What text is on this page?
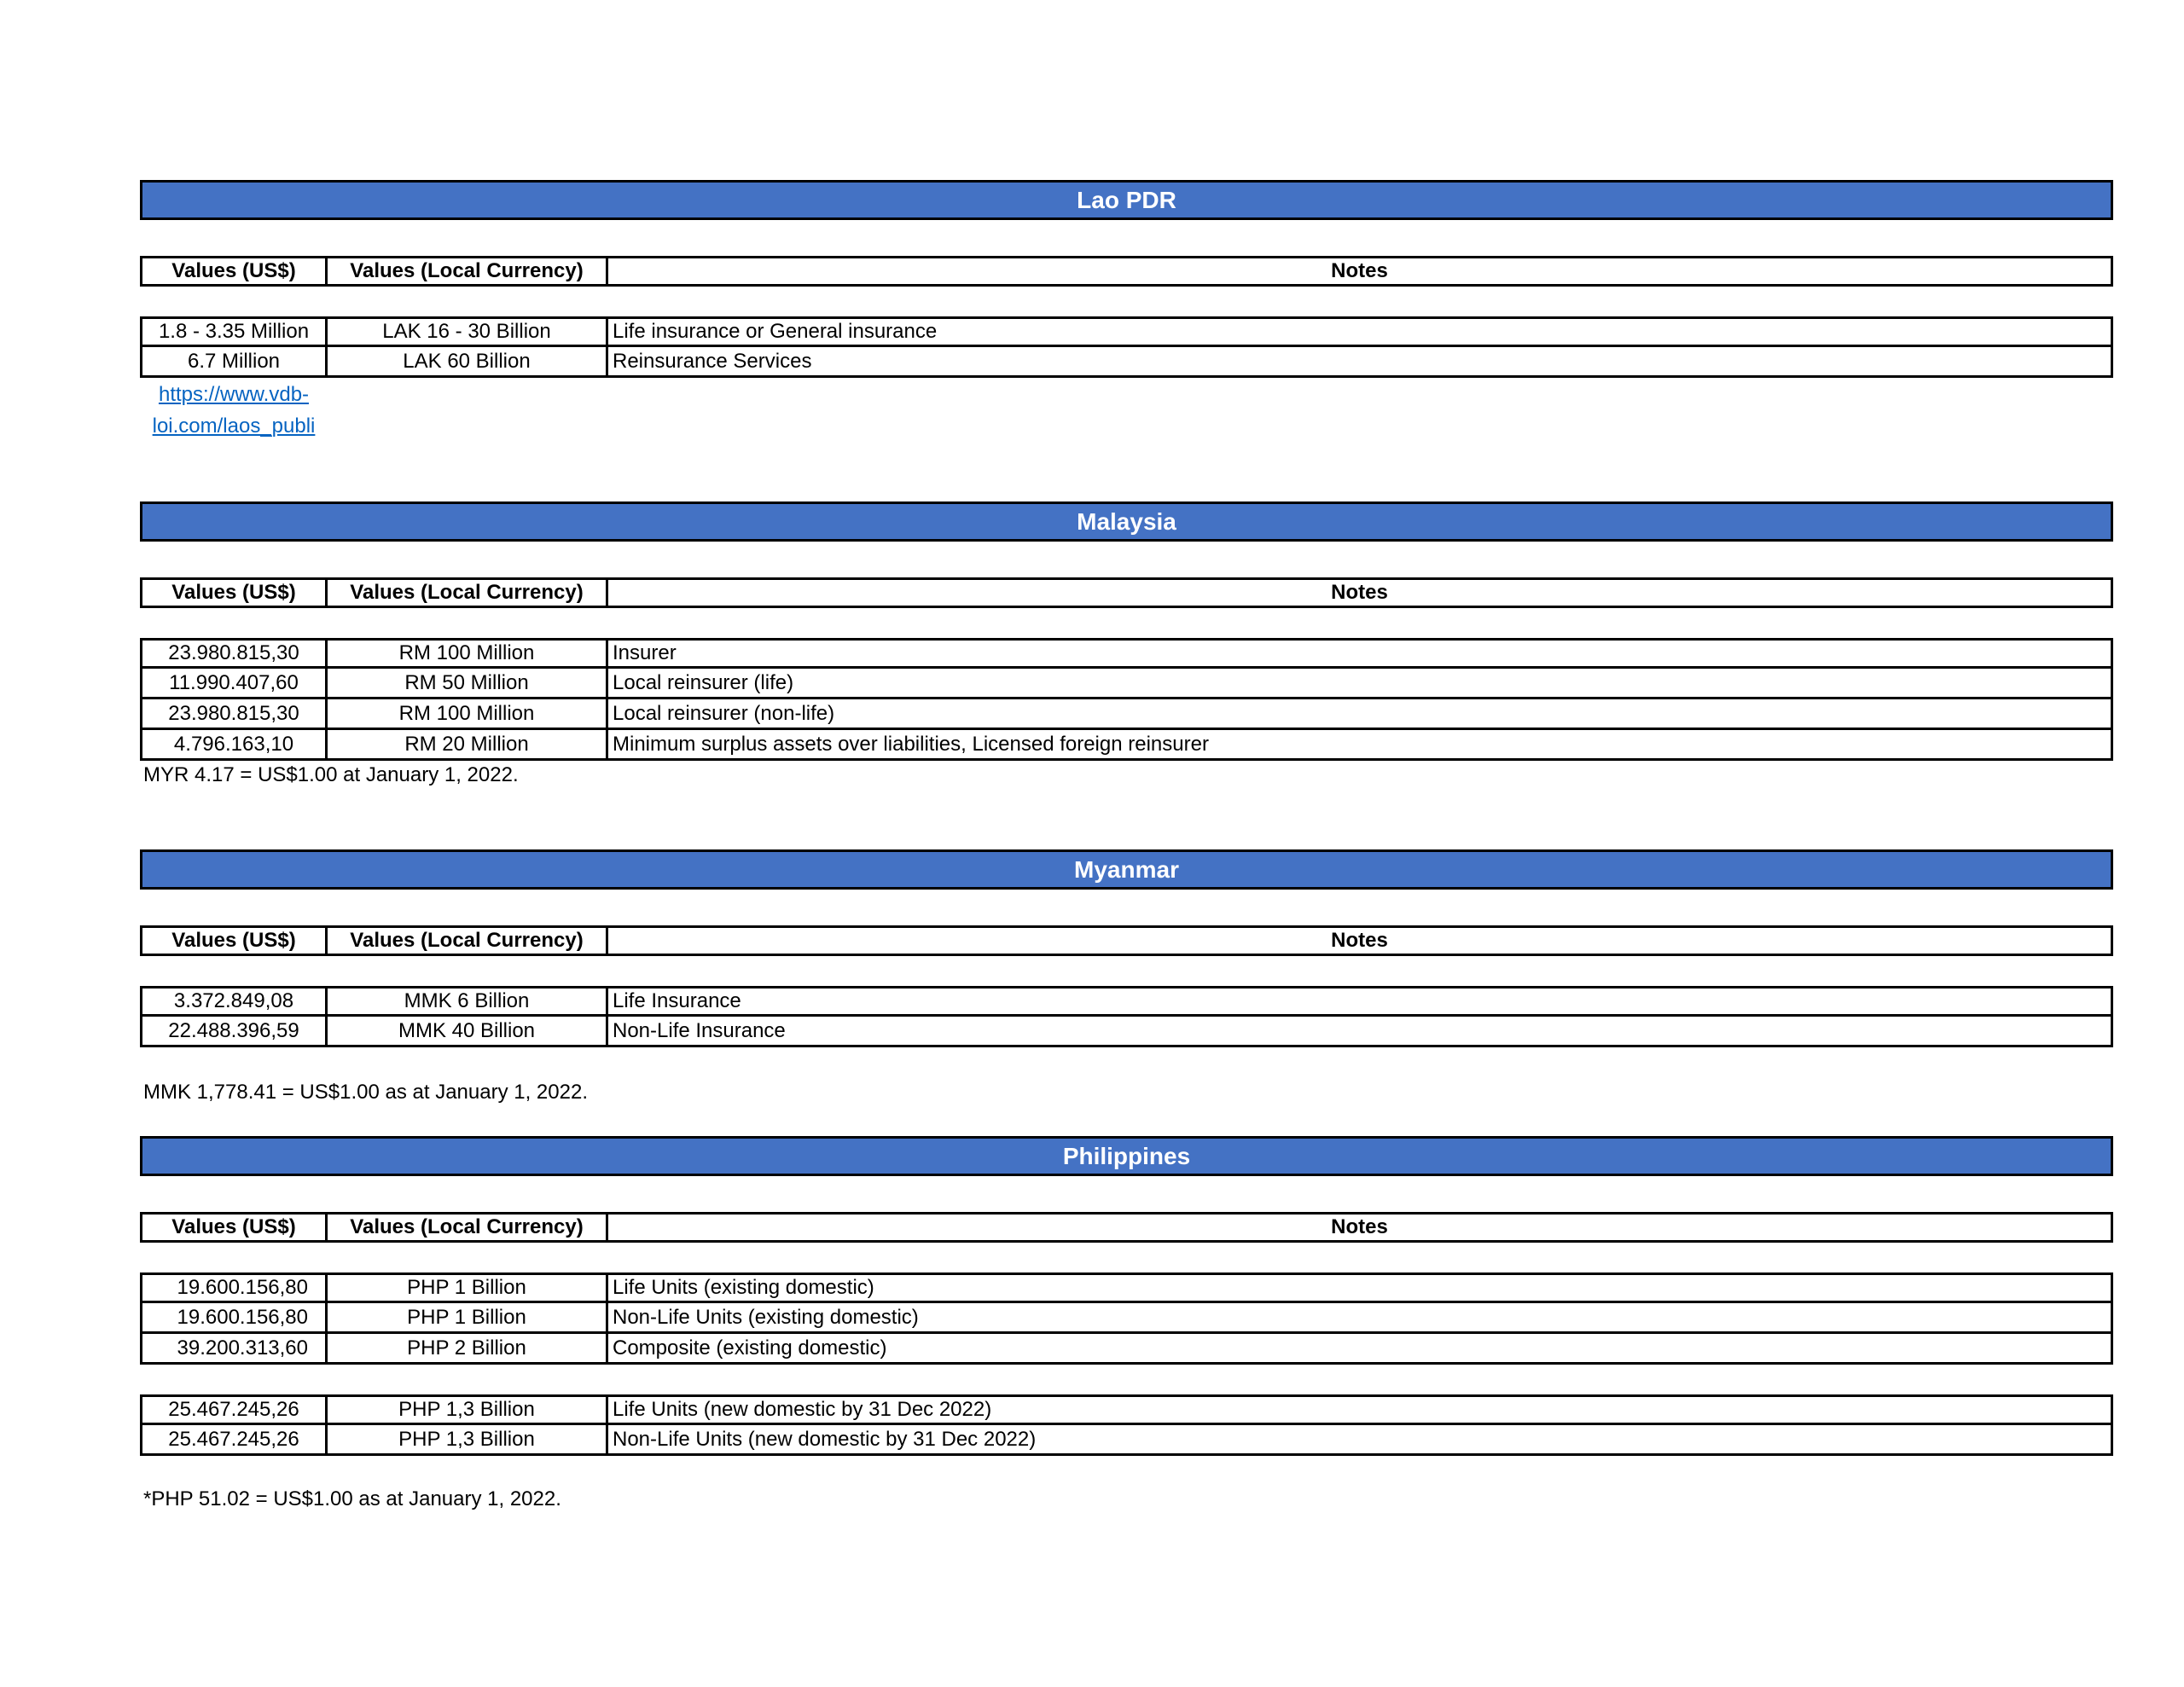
Lao PDR
Values (US$)	Values (Local Currency)	Notes
1.8 - 3.35 Million	LAK 16 - 30 Billion	Life insurance or General insurance
6.7 Million	LAK 60 Billion	Reinsurance Services
https://www.vdb-
loi.com/laos_publi
Malaysia
Values (US$)	Values (Local Currency)	Notes
23.980.815,30	RM 100 Million	Insurer
11.990.407,60	RM 50 Million	Local reinsurer (life)
23.980.815,30	RM 100 Million	Local reinsurer (non-life)
4.796.163,10	RM 20 Million	Minimum surplus assets over liabilities, Licensed foreign reinsurer
MYR 4.17 = US$1.00 at January 1, 2022.
Myanmar
Values (US$)	Values (Local Currency)	Notes
3.372.849,08	MMK 6 Billion	Life Insurance
22.488.396,59	MMK 40 Billion	Non-Life Insurance
MMK 1,778.41 = US$1.00 as at January 1, 2022.
Philippines
Values (US$)	Values (Local Currency)	Notes
19.600.156,80	PHP 1 Billion	Life Units (existing domestic)
19.600.156,80	PHP 1 Billion	Non-Life Units (existing domestic)
39.200.313,60	PHP 2 Billion	Composite (existing domestic)
25.467.245,26	PHP 1,3 Billion	Life Units (new domestic by 31 Dec 2022)
25.467.245,26	PHP 1,3 Billion	Non-Life Units (new domestic by 31 Dec 2022)
*PHP 51.02 = US$1.00 as at January 1, 2022.
